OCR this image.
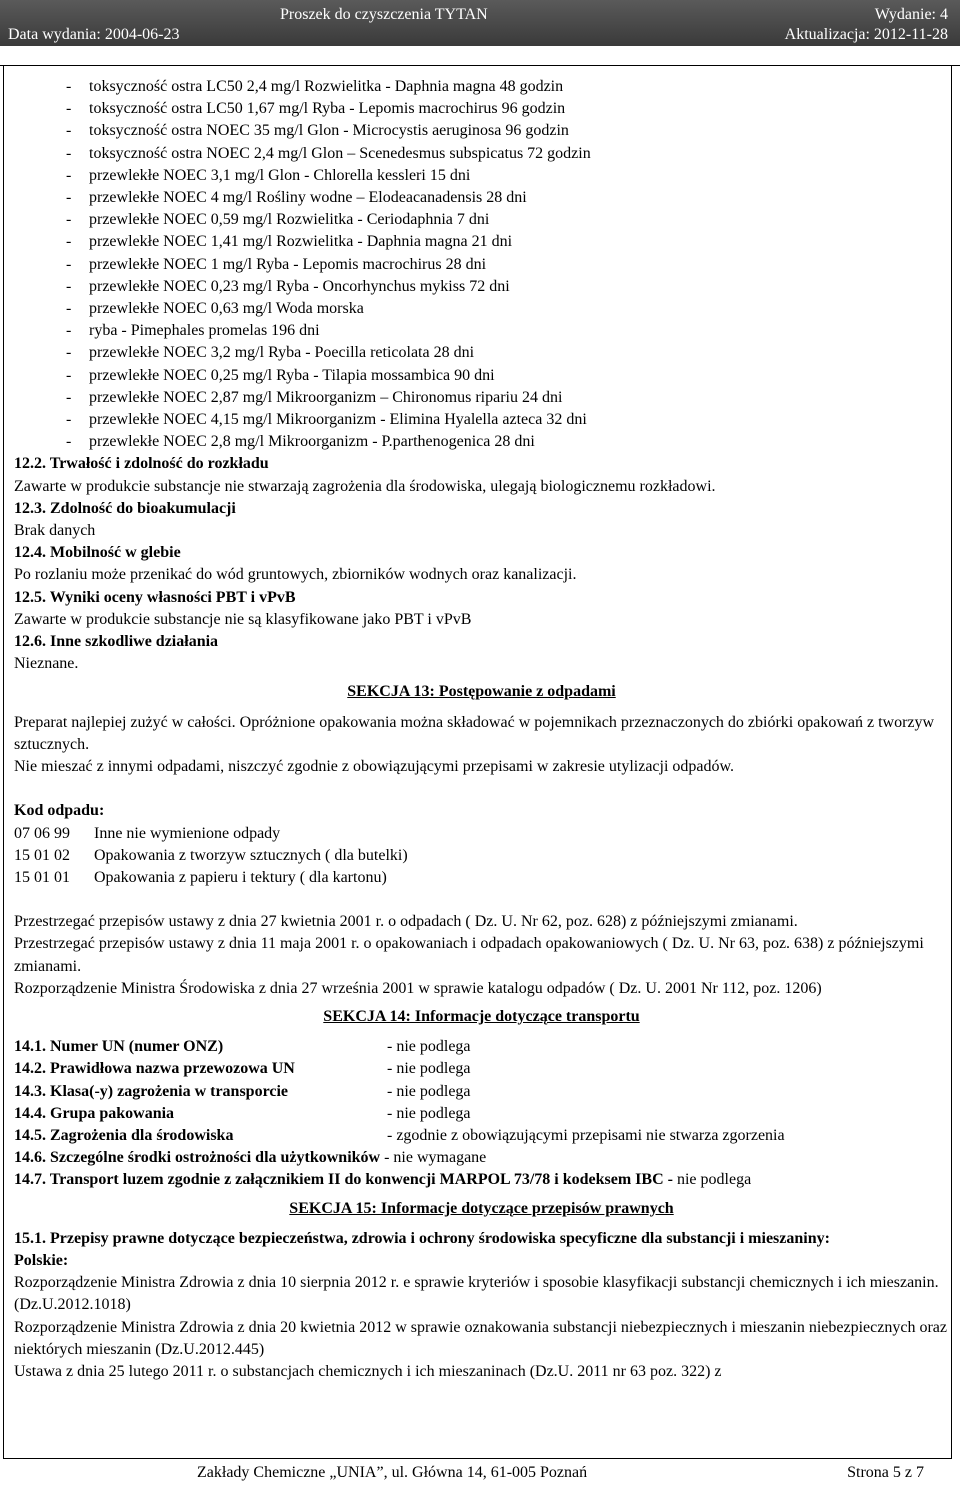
Proszek do czyszczenia TYTAN	Wydanie: 4
Data wydania: 2004-06-23	Aktualizacja: 2012-11-28
- toksyczność ostra LC50 2,4 mg/l Rozwielitka - Daphnia magna 48 godzin
- toksyczność ostra LC50 1,67 mg/l Ryba - Lepomis macrochirus 96 godzin
- toksyczność ostra NOEC 35 mg/l Glon - Microcystis aeruginosa 96 godzin
- toksyczność ostra NOEC 2,4 mg/l Glon – Scenedesmus subspicatus 72 godzin
- przewlekłe NOEC 3,1 mg/l Glon - Chlorella kessleri 15 dni
- przewlekłe NOEC 4 mg/l Rośliny wodne – Elodeacanadensis 28 dni
- przewlekłe NOEC 0,59 mg/l Rozwielitka - Ceriodaphnia 7 dni
- przewlekłe NOEC 1,41 mg/l Rozwielitka - Daphnia magna 21 dni
- przewlekłe NOEC 1 mg/l Ryba - Lepomis macrochirus 28 dni
- przewlekłe NOEC 0,23 mg/l Ryba - Oncorhynchus mykiss 72 dni
- przewlekłe NOEC 0,63 mg/l Woda morska
- ryba - Pimephales promelas 196 dni
- przewlekłe NOEC 3,2 mg/l Ryba - Poecilla reticolata 28 dni
- przewlekłe NOEC 0,25 mg/l Ryba - Tilapia mossambica 90 dni
- przewlekłe NOEC 2,87 mg/l Mikroorganizm – Chironomus ripariu 24 dni
- przewlekłe NOEC 4,15 mg/l Mikroorganizm - Elimina Hyalella azteca 32 dni
- przewlekłe NOEC 2,8 mg/l Mikroorganizm - P.parthenogenica 28 dni
12.2. Trwałość i zdolność do rozkładu
Zawarte w produkcie substancje nie stwarzają zagrożenia dla środowiska, ulegają biologicznemu rozkładowi.
12.3. Zdolność do bioakumulacji
Brak danych
12.4. Mobilność w glebie
Po rozlaniu może przenikać do wód gruntowych, zbiorników wodnych oraz kanalizacji.
12.5. Wyniki oceny własności PBT i vPvB
Zawarte w produkcie substancje nie są klasyfikowane jako PBT i vPvB
12.6. Inne szkodliwe działania
Nieznane.
SEKCJA 13: Postępowanie z odpadami
Preparat najlepiej zużyć w całości. Opróżnione opakowania można składować w pojemnikach przeznaczonych do zbiórki opakowań z tworzyw sztucznych.
Nie mieszać z innymi odpadami, niszczyć zgodnie z obowiązującymi przepisami w zakresie utylizacji odpadów.
Kod odpadu:
07 06 99	Inne nie wymienione odpady
15 01 02	Opakowania z tworzyw sztucznych ( dla butelki)
15 01 01	Opakowania z papieru i tektury ( dla kartonu)
Przestrzegać przepisów ustawy z dnia 27 kwietnia 2001 r. o odpadach ( Dz. U. Nr 62, poz. 628) z późniejszymi zmianami.
Przestrzegać przepisów ustawy z dnia 11 maja 2001 r. o opakowaniach i odpadach opakowaniowych ( Dz. U. Nr 63, poz. 638) z późniejszymi zmianami.
Rozporządzenie Ministra Środowiska z dnia 27 września 2001 w sprawie katalogu odpadów ( Dz. U. 2001 Nr 112, poz. 1206)
SEKCJA 14: Informacje dotyczące transportu
14.1. Numer UN (numer ONZ)	- nie podlega
14.2. Prawidłowa nazwa przewozowa UN	- nie podlega
14.3. Klasa(-y) zagrożenia w transporcie	- nie podlega
14.4. Grupa pakowania	- nie podlega
14.5. Zagrożenia dla środowiska	- zgodnie z obowiązującymi przepisami nie stwarza zgorzenia
14.6. Szczególne środki ostrożności dla użytkowników - nie wymagane
14.7. Transport luzem zgodnie z załącznikiem II do konwencji MARPOL 73/78 i kodeksem IBC - nie podlega
SEKCJA 15: Informacje dotyczące przepisów prawnych
15.1. Przepisy prawne dotyczące bezpieczeństwa, zdrowia i ochrony środowiska specyficzne dla substancji i mieszaniny:
Polskie:
Rozporządzenie Ministra Zdrowia z dnia 10 sierpnia 2012 r. e sprawie kryteriów i sposobie klasyfikacji substancji chemicznych i ich mieszanin. (Dz.U.2012.1018)
Rozporządzenie Ministra Zdrowia z dnia 20 kwietnia 2012 w sprawie oznakowania substancji niebezpiecznych i mieszanin niebezpiecznych oraz niektórych mieszanin (Dz.U.2012.445)
Ustawa z dnia 25 lutego 2011 r. o substancjach chemicznych i ich mieszaninach (Dz.U. 2011 nr 63 poz. 322) z
Zakłady Chemiczne „UNIA”, ul. Główna 14, 61-005 Poznań	Strona 5 z 7
